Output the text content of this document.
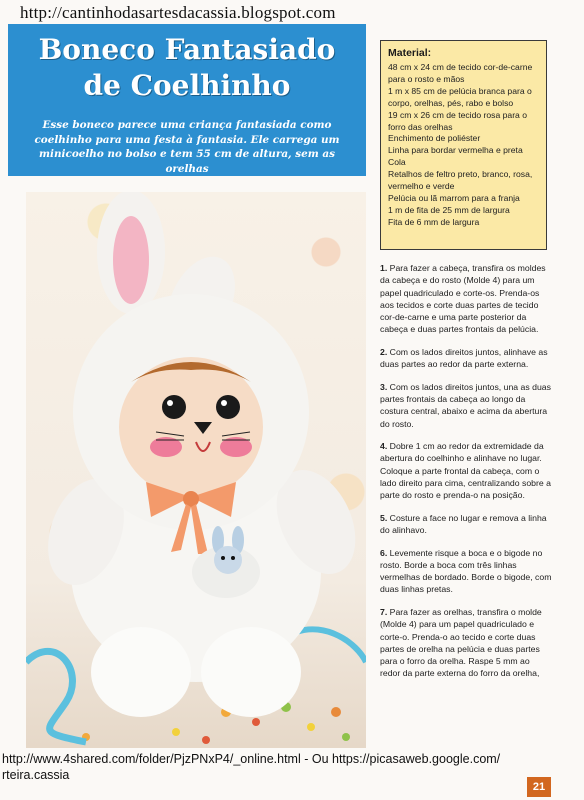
http://cantinhodasartesdacassia.blogspot.com
Boneco Fantasiado
de Coelhinho
Esse boneco parece uma criança fantasiada como coelhinho para uma festa à fantasia. Ele carrega um minicoelho no bolso e tem 55 cm de altura, sem as orelhas
Material:
48 cm x 24 cm de tecido cor-de-carne para o rosto e mãos
1 m x 85 cm de pelúcia branca para o corpo, orelhas, pés, rabo e bolso
19 cm x 26 cm de tecido rosa para o forro das orelhas
Enchimento de poliéster
Linha para bordar vermelha e preta
Cola
Retalhos de feltro preto, branco, rosa, vermelho e verde
Pelúcia ou lã marrom para a franja
1 m de fita de 25 mm de largura
Fita de 6 mm de largura

1. Para fazer a cabeça, transfira os moldes da cabeça e do rosto (Molde 4) para um papel quadriculado e corte-os. Prenda-os aos tecidos e corte duas partes de tecido cor-de-carne e uma parte posterior da cabeça e duas partes frontais da pelúcia.

2. Com os lados direitos juntos, alinhave as duas partes ao redor da parte externa.

3. Com os lados direitos juntos, una as duas partes frontais da cabeça ao longo da costura central, abaixo e acima da abertura do rosto.

4. Dobre 1 cm ao redor da extremidade da abertura do coelhinho e alinhave no lugar. Coloque a parte frontal da cabeça, com o lado direito para cima, centralizando sobre a parte do rosto e prenda-o na posição.

5. Costure a face no lugar e remova a linha do alinhavo.

6. Levemente risque a boca e o bigode no rosto. Borde a boca com três linhas vermelhas de bordado. Borde o bigode, com duas linhas pretas.

7. Para fazer as orelhas, transfira o molde (Molde 4) para um papel quadriculado e corte-o. Prenda-o ao tecido e corte duas partes de orelha na pelúcia e duas partes para o forro da orelha. Raspe 5 mm ao redor da parte externa do forro da orelha,

http://www.4shared.com/folder/PjzPNxP4/_online.html - Ou https://picasaweb.google.com/
rteira.cassia
21
